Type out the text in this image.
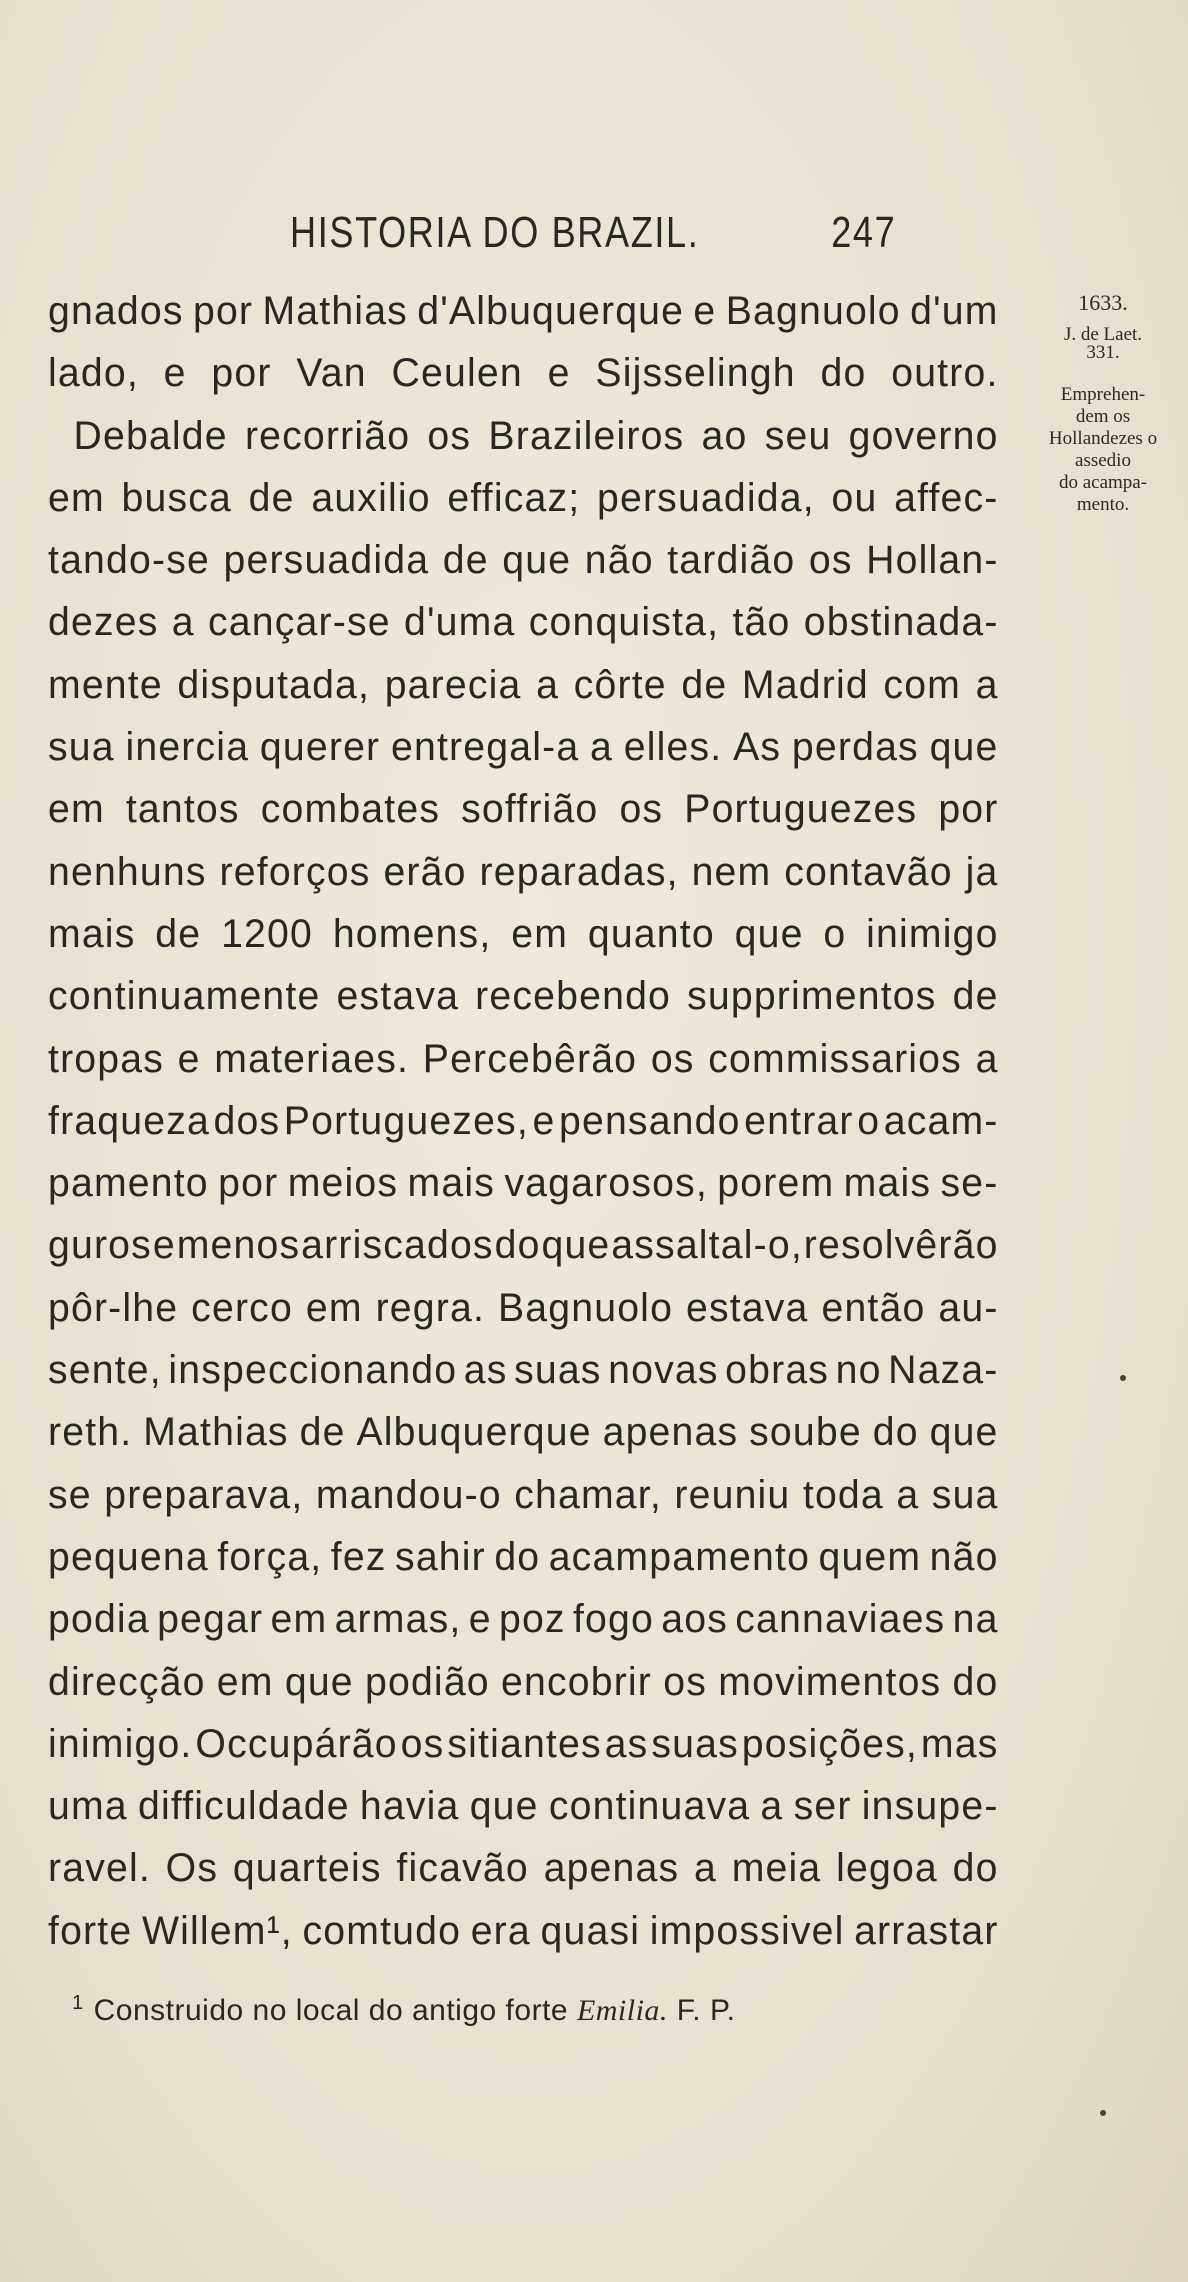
HISTORIA DO BRAZIL.	247
1633.
J. de Laet.
331.
Emprehen-
dem os
Hollandezes o
assedio
do acampa-
mento.
gnados por Mathias d'Albuquerque e Bagnuolo d'um
lado, e por Van Ceulen e Sijsselingh do outro.
Debalde recorrião os Brazileiros ao seu governo
em busca de auxilio efficaz; persuadida, ou affec-
tando-se persuadida de que não tardião os Hollan-
dezes a cançar-se d'uma conquista, tão obstinada-
mente disputada, parecia a côrte de Madrid com a
sua inercia querer entregal-a a elles. As perdas que
em tantos combates soffrião os Portuguezes por
nenhuns reforços erão reparadas, nem contavão ja
mais de 1200 homens, em quanto que o inimigo
continuamente estava recebendo supprimentos de
tropas e materiaes. Percebêrão os commissarios a
fraqueza dos Portuguezes, e pensando entrar o acam-
pamento por meios mais vagarosos, porem mais se-
guros e menos arriscados do que assaltal-o, resolvêrão
pôr-lhe cerco em regra. Bagnuolo estava então au-
sente, inspeccionando as suas novas obras no Naza-
reth. Mathias de Albuquerque apenas soube do que
se preparava, mandou-o chamar, reuniu toda a sua
pequena força, fez sahir do acampamento quem não
podia pegar em armas, e poz fogo aos cannaviaes na
direcção em que podião encobrir os movimentos do
inimigo. Occupárão os sitiantes as suas posições, mas
uma difficuldade havia que continuava a ser insupe-
ravel. Os quarteis ficavão apenas a meia legoa do
forte Willem¹, comtudo era quasi impossivel arrastar
$^1$ Construido no local do antigo forte Emilia. F. P.
